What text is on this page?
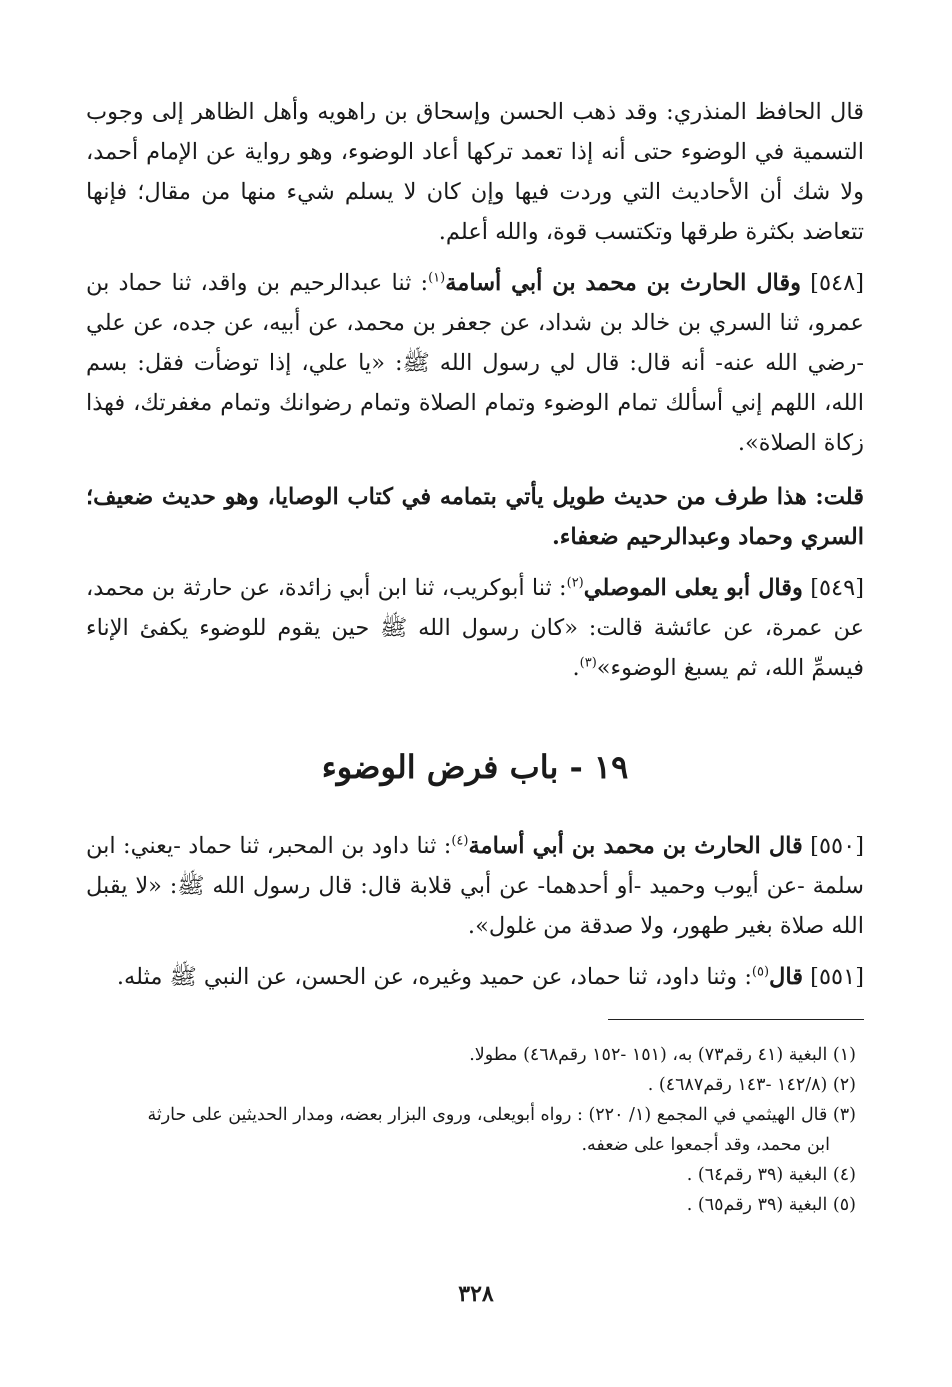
قال الحافظ المنذري: وقد ذهب الحسن وإسحاق بن راهويه وأهل الظاهر إلى وجوب التسمية في الوضوء حتى أنه إذا تعمد تركها أعاد الوضوء، وهو رواية عن الإمام أحمد، ولا شك أن الأحاديث التي وردت فيها وإن كان لا يسلم شيء منها من مقال؛ فإنها تتعاضد بكثرة طرقها وتكتسب قوة، والله أعلم.

[٥٤٨] وقال الحارث بن محمد بن أبي أسامة$^{(١)}$: ثنا عبدالرحيم بن واقد، ثنا حماد بن عمرو، ثنا السري بن خالد بن شداد، عن جعفر بن محمد، عن أبيه، عن جده، عن علي -رضي الله عنه- أنه قال: قال لي رسول الله ﷺ: «يا علي، إذا توضأت فقل: بسم الله، اللهم إني أسألك تمام الوضوء وتمام الصلاة وتمام رضوانك وتمام مغفرتك، فهذا زكاة الصلاة».

قلت: هذا طرف من حديث طويل يأتي بتمامه في كتاب الوصايا، وهو حديث ضعيف؛ السري وحماد وعبدالرحيم ضعفاء.

[٥٤٩] وقال أبو يعلى الموصلي$^{(٢)}$: ثنا أبوكريب، ثنا ابن أبي زائدة، عن حارثة بن محمد، عن عمرة، عن عائشة قالت: «كان رسول الله ﷺ حين يقوم للوضوء يكفئ الإناء فيسمِّ الله، ثم يسبغ الوضوء»$^{(٣)}$.

١٩ - باب فرض الوضوء

[٥٥٠] قال الحارث بن محمد بن أبي أسامة$^{(٤)}$: ثنا داود بن المحبر، ثنا حماد -يعني: ابن سلمة -عن أيوب وحميد -أو أحدهما- عن أبي قلابة قال: قال رسول الله ﷺ: «لا يقبل الله صلاة بغير طهور، ولا صدقة من غلول».

[٥٥١] قال$^{(٥)}$: وثنا داود، ثنا حماد، عن حميد وغيره، عن الحسن، عن النبي ﷺ مثله.

(١) البغية (٤١ رقم٧٣) به، (١٥١ -١٥٢ رقم٤٦٨) مطولا.

(٢) (١٤٢/٨ -١٤٣ رقم٤٦٨٧) .

(٣) قال الهيثمي في المجمع (١/ ٢٢٠) : رواه أبويعلى، وروى البزار بعضه، ومدار الحديثين على حارثة

ابن محمد، وقد أجمعوا على ضعفه.

(٤) البغية (٣٩ رقم٦٤) .

(٥) البغية (٣٩ رقم٦٥) .

٣٢٨
